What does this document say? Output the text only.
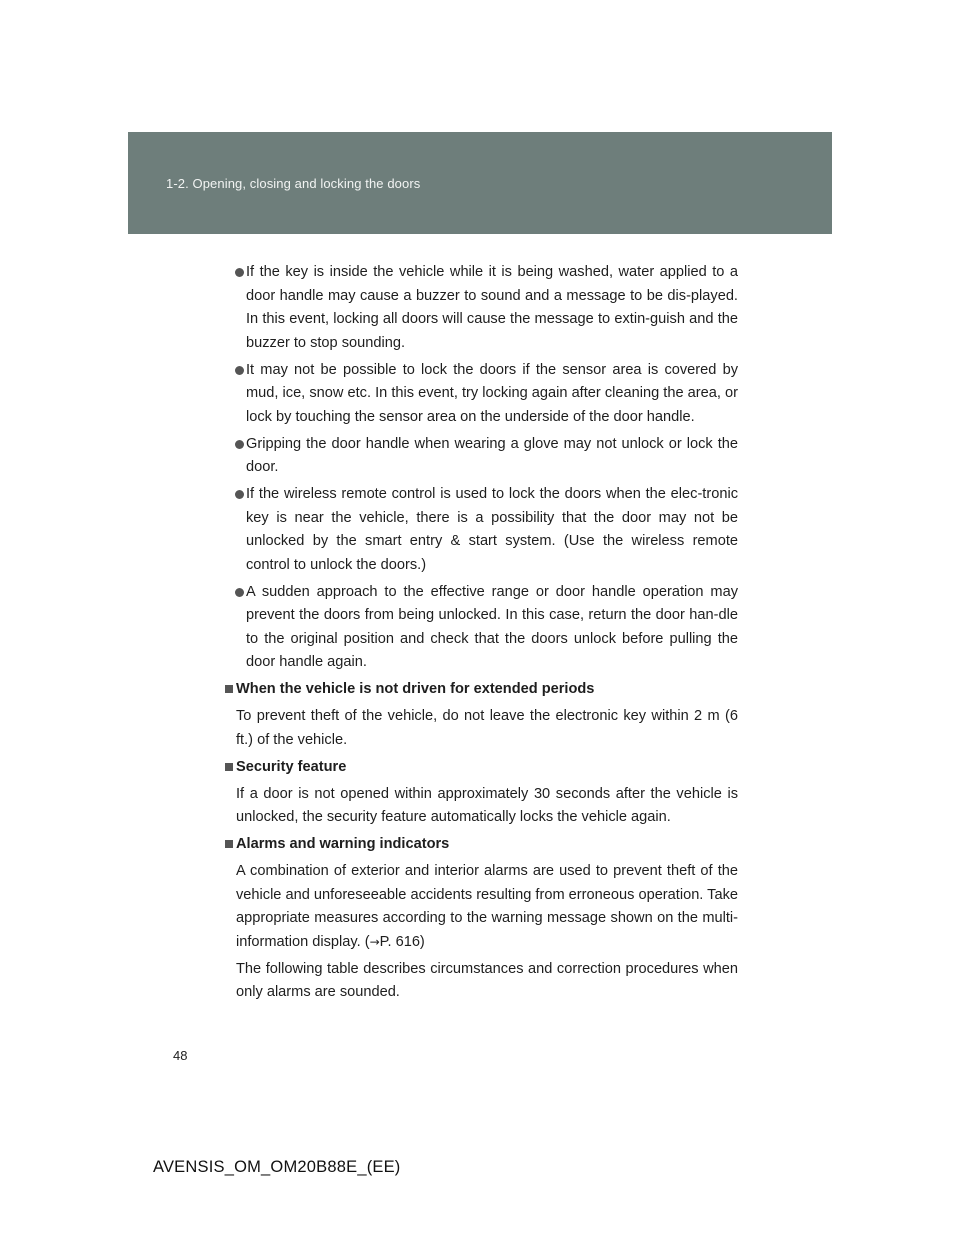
1-2. Opening, closing and locking the doors
If the key is inside the vehicle while it is being washed, water applied to a door handle may cause a buzzer to sound and a message to be dis-played. In this event, locking all doors will cause the message to extin-guish and the buzzer to stop sounding.
It may not be possible to lock the doors if the sensor area is covered by mud, ice, snow etc. In this event, try locking again after cleaning the area, or lock by touching the sensor area on the underside of the door handle.
Gripping the door handle when wearing a glove may not unlock or lock the door.
If the wireless remote control is used to lock the doors when the elec-tronic key is near the vehicle, there is a possibility that the door may not be unlocked by the smart entry & start system. (Use the wireless remote control to unlock the doors.)
A sudden approach to the effective range or door handle operation may prevent the doors from being unlocked. In this case, return the door han-dle to the original position and check that the doors unlock before pulling the door handle again.
When the vehicle is not driven for extended periods
To prevent theft of the vehicle, do not leave the electronic key within 2 m (6 ft.) of the vehicle.
Security feature
If a door is not opened within approximately 30 seconds after the vehicle is unlocked, the security feature automatically locks the vehicle again.
Alarms and warning indicators
A combination of exterior and interior alarms are used to prevent theft of the vehicle and unforeseeable accidents resulting from erroneous operation. Take appropriate measures according to the warning message shown on the multi-information display. (→P. 616)
The following table describes circumstances and correction procedures when only alarms are sounded.
48
AVENSIS_OM_OM20B88E_(EE)
